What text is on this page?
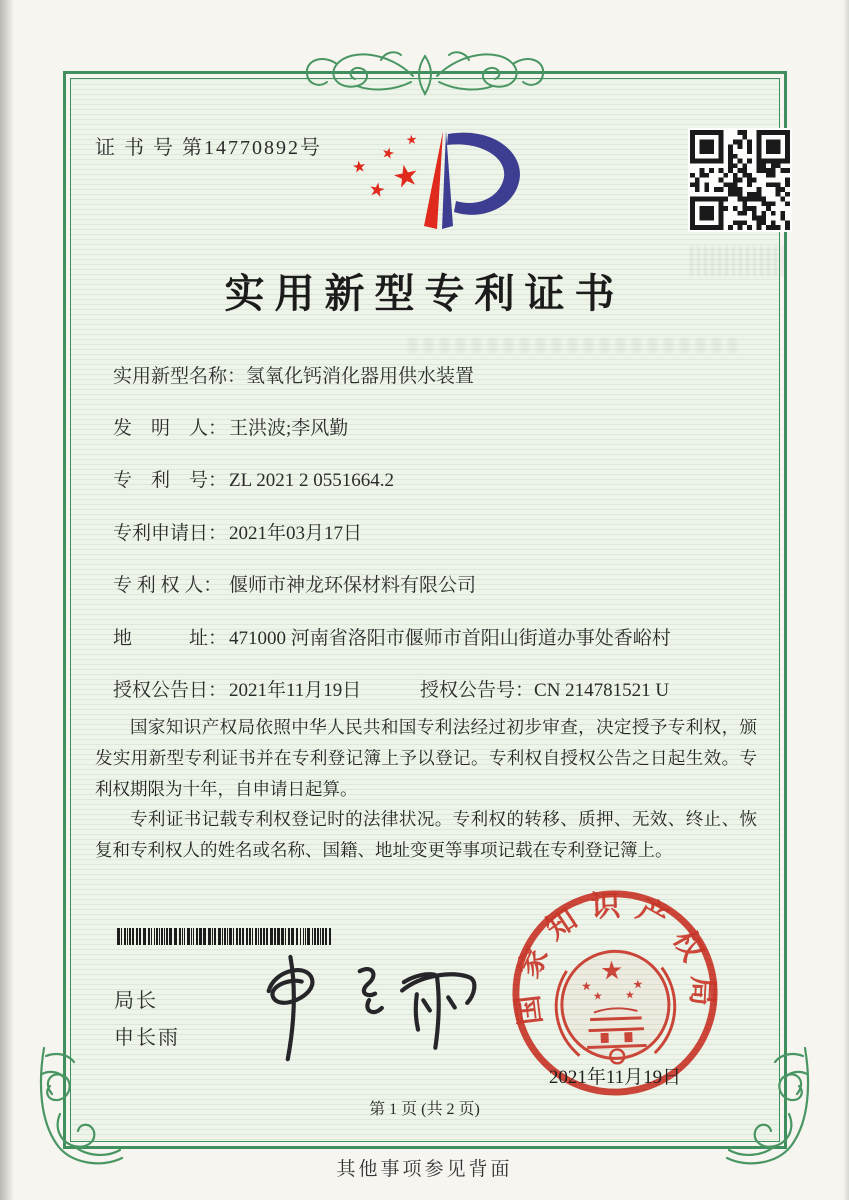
证 书 号 第14770892号
★
★
★
★
★
实用新型专利证书
实用新型名称：氢氧化钙消化器用供水装置
发　明　人： 王洪波;李风勤
专　利　号： ZL 2021 2 0551664.2
专利申请日： 2021年03月17日
专 利 权 人： 偃师市神龙环保材料有限公司
地　　　址： 471000 河南省洛阳市偃师市首阳山街道办事处香峪村
授权公告日： 2021年11月19日	授权公告号：CN 214781521 U

国家知识产权局依照中华人民共和国专利法经过初步审查，决定授予专利权，颁发实用新型专利证书并在专利登记簿上予以登记。专利权自授权公告之日起生效。专利权期限为十年，自申请日起算。

专利证书记载专利权登记时的法律状况。专利权的转移、质押、无效、终止、恢复和专利权人的姓名或名称、国籍、地址变更等事项记载在专利登记簿上。

局长
申长雨
★ ★	★ ★ ★
国家知识产权局
2021年11月19日
第 1 页 (共 2 页)
其他事项参见背面
